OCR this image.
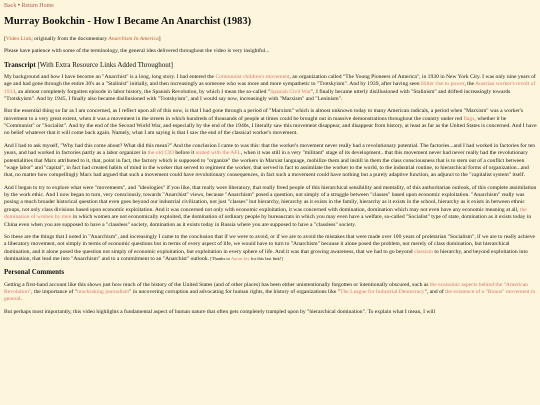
Back • Return Home
Murray Bookchin - How I Became An Anarchist (1983)

[Video Link; originally from the documentary Anarchism In America]

Please have patience with some of the terminology, the general idea delivered throughout the video is very insightful...

Transcript [With Extra Resource Links Added Throughout]

My background and how I have become an "Anarchist" is a long, long story. I had entered the Communist children's movement, an organization called "The Young Pioneers of America", in 1930 in New York City. I was only nine years of age and had gone through the entire 30's as a "Stalinist" initially, and then increasingly as someone who was more and more sympathetic to "Trotskyism". And by 1939, after having seen Hitler rise to power, the Austrian worker's revolt of 1934, an almost completely forgotten episode in labor history, the Spanish Revolution, by which I mean the so-called "Spanish Civil War", I finally became utterly disillusioned with "Stalinism" and drifted increasingly towards "Trotskyism". And by 1945, I finally also became disillusioned with "Trotskyism", and I would say now, increasingly with "Marxism" and "Leninism".

But the essential thing so far as I am concerned, as I reflect upon all of this now, is that I had gone through a period of "Marxism" which is almost unknown today to many American radicals, a period when "Marxism" was a worker's movement to a very great extent, when it was a movement in the streets in which hundreds of thousands of people at times could be brought out in massive demonstrations throughout the country under red flags, whether it be "Communist" or "Socialist". And by the end of the Second World War, and especially by the end of the 1940s, I literally saw this movement disappear, and disappear from history, at least as far as the United States is concerned. And I have no belief whatever that it will come back again. Namely, what I am saying is that I saw the end of the classical worker's movement.

And I had to ask myself, "Why had this come about? What did this mean?" And the conclusion I came to was this: that the worker's movement never really had a revolutionary potential. The factories...and I had worked in factories for ten years, and had worked in factories partly as a labor organizer in the old CIO before it united with the AFL, when it was still in a very "militant" stage of its development.. that this movement never had never really had the revolutionary potentialities that Marx attributed to it, that, point in fact, the factory which is supposed to "organize" the workers in Marxist language, mobilize them and instill in them the class consciousness that is to stem out of a conflict between "wage labor" and "capital", in fact had created habits of mind in the worker that served to regiment the worker, that served in fact to assimilate the worker to the world, to the industrial routine, to hierarchical forms of organization...and that, no matter how compellingly Marx had argued that such a movement could have revolutionary consequences, in fact such a movement could have nothing but a purely adaptive function, an adjunct to the "capitalist system" itself.

And I began to try to explore what were "movements", and "ideologies" if you like, that really were liberatory, that really freed people of this hierarchical sensibility and mentality, of this authoritarian outlook, of this complete assimilation by the work ethic. And I now began to turn, very consciously, towards "Anarchist" views, because "Anarchism" posed a question, not simply of a struggle between "classes" based upon economic exploitation. "Anarchism" really was posing a much broader historical question that even goes beyond our industrial civilization, not just "classes" but hierarchy, hierarchy as it exists in the family, hierarchy as it exists in the school, hierarchy as it exists in between ethnic groups, not only class divisions based upon economic exploitation. And it was concerned not only with economic exploitation, it was concerned with domination, domination which may not even have any economic meaning at all, the domination of women by men in which women are not economically exploited, the domination of ordinary people by bureaucrats in which you may even have a welfare, so-called "Socialist" type of state, domination as it exists today in China even when you are supposed to have a "classless" society, domination as it exists today in Russia where you are supposed to have a "classless" society.

So these are the things that I noted in "Anarchism", and increasingly I came to the conclusion that if we were to avoid, or if we are to avoid the mistakes that were made over 100 years of proletarian "Socialism", if we are to really achieve a liberatory movement, not simply in terms of economic questions but in terms of every aspect of life, we would have to turn to "Anarchism" because it alone posed the problem, not merely of class domination, but hierarchical domination, and it alone posed the question not simply of economic exploitation, but exploitation in every sphere of life. And it was that growing awareness, that we had to go beyond classism to hierarchy, and beyond exploitation into domination, that lead me into "Anarchism" and to a commitment to an "Anarchist" outlook. [Thanks to Aaron Jay for this last link!]

Personal Comments

Getting a first-hand account like this shows just how much of the history of the United States (and of other places) has been either unintentionally forgotten or intentionally obscured, such as the economic aspects behind the "American Revolution", the importance of "muckraking journalism" in uncovering corruption and advocating for human rights, the history of organizations like "The League for Industrial Democracy", and of the existence of a "Bonus" movement in general.

But perhaps most importantly, this video highlights a fundamental aspect of human nature that often gets completely trampled upon by "hierarchical domination". To explain what I mean, I will
